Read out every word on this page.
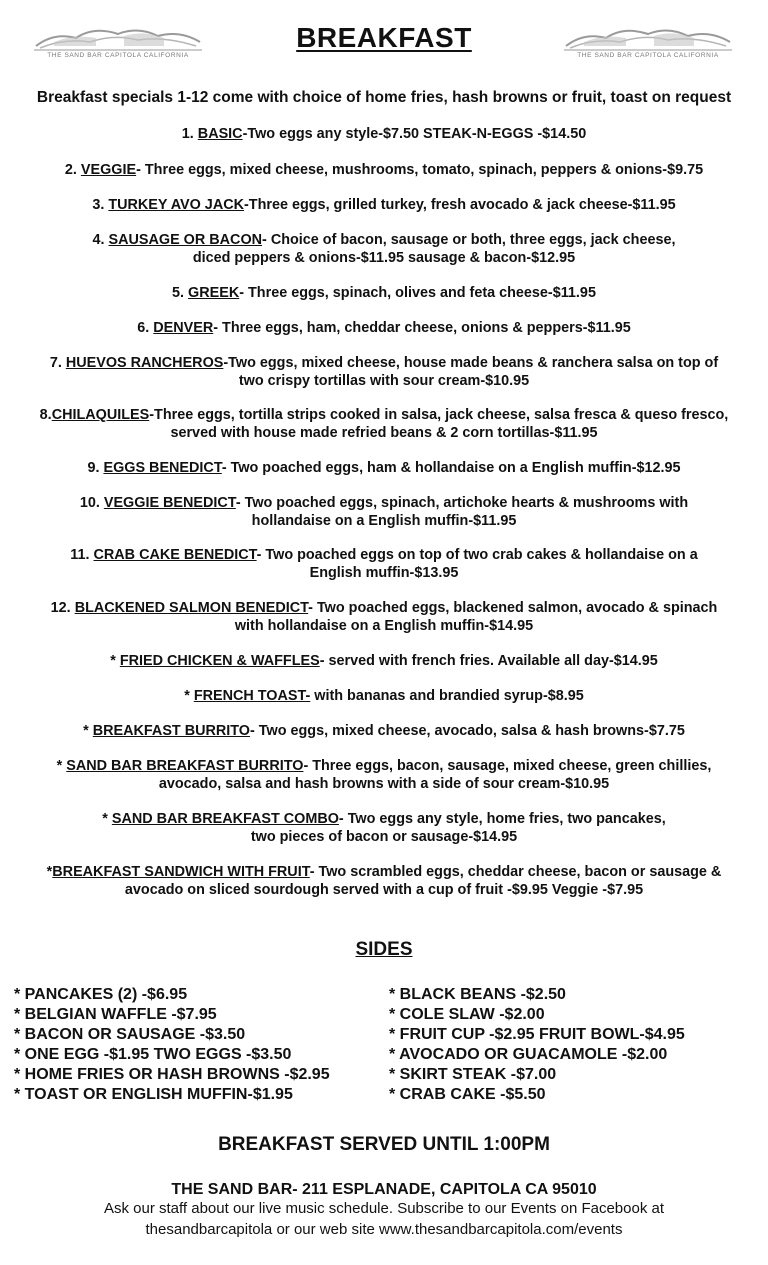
THE SAND BAR CAPITOLA CALIFORNIA
BREAKFAST
THE SAND BAR CAPITOLA CALIFORNIA
Breakfast specials 1-12 come with choice of home fries, hash browns or fruit, toast on request
1. BASIC-Two eggs any style-$7.50 STEAK-N-EGGS -$14.50
2. VEGGIE- Three eggs, mixed cheese, mushrooms, tomato, spinach, peppers & onions-$9.75
3. TURKEY AVO JACK-Three eggs, grilled turkey, fresh avocado & jack cheese-$11.95
4. SAUSAGE OR BACON- Choice of bacon, sausage or both, three eggs, jack cheese,
diced peppers & onions-$11.95 sausage & bacon-$12.95
5. GREEK- Three eggs, spinach, olives and feta cheese-$11.95
6. DENVER- Three eggs, ham, cheddar cheese, onions & peppers-$11.95
7. HUEVOS RANCHEROS-Two eggs, mixed cheese, house made beans & ranchera salsa on top of
two crispy tortillas with sour cream-$10.95
8.CHILAQUILES-Three eggs, tortilla strips cooked in salsa, jack cheese, salsa fresca & queso fresco,
served with house made refried beans & 2 corn tortillas-$11.95
9. EGGS BENEDICT- Two poached eggs, ham & hollandaise on a English muffin-$12.95
10. VEGGIE BENEDICT- Two poached eggs, spinach, artichoke hearts & mushrooms with
hollandaise on a English muffin-$11.95
11. CRAB CAKE BENEDICT- Two poached eggs on top of two crab cakes & hollandaise on a
English muffin-$13.95
12. BLACKENED SALMON BENEDICT- Two poached eggs, blackened salmon, avocado & spinach
with hollandaise on a English muffin-$14.95
* FRIED CHICKEN & WAFFLES- served with french fries. Available all day-$14.95
* FRENCH TOAST- with bananas and brandied syrup-$8.95
* BREAKFAST BURRITO- Two eggs, mixed cheese, avocado, salsa & hash browns-$7.75
* SAND BAR BREAKFAST BURRITO- Three eggs, bacon, sausage, mixed cheese, green chillies,
avocado, salsa and hash browns with a side of sour cream-$10.95
* SAND BAR BREAKFAST COMBO- Two eggs any style, home fries, two pancakes,
two pieces of bacon or sausage-$14.95
*BREAKFAST SANDWICH WITH FRUIT- Two scrambled eggs, cheddar cheese, bacon or sausage &
avocado on sliced sourdough served with a cup of fruit -$9.95 Veggie -$7.95
SIDES
* PANCAKES (2) -$6.95
* BELGIAN WAFFLE -$7.95
* BACON OR SAUSAGE -$3.50
* ONE EGG -$1.95 TWO EGGS -$3.50
* HOME FRIES OR HASH BROWNS -$2.95
* TOAST OR ENGLISH MUFFIN-$1.95
* BLACK BEANS -$2.50
* COLE SLAW -$2.00
* FRUIT CUP -$2.95 FRUIT BOWL-$4.95
* AVOCADO OR GUACAMOLE -$2.00
* SKIRT STEAK -$7.00
* CRAB CAKE -$5.50
BREAKFAST SERVED UNTIL 1:00PM
THE SAND BAR- 211 ESPLANADE, CAPITOLA CA 95010
Ask our staff about our live music schedule. Subscribe to our Events on Facebook at
thesandbarcapitola or our web site www.thesandbarcapitola.com/events
